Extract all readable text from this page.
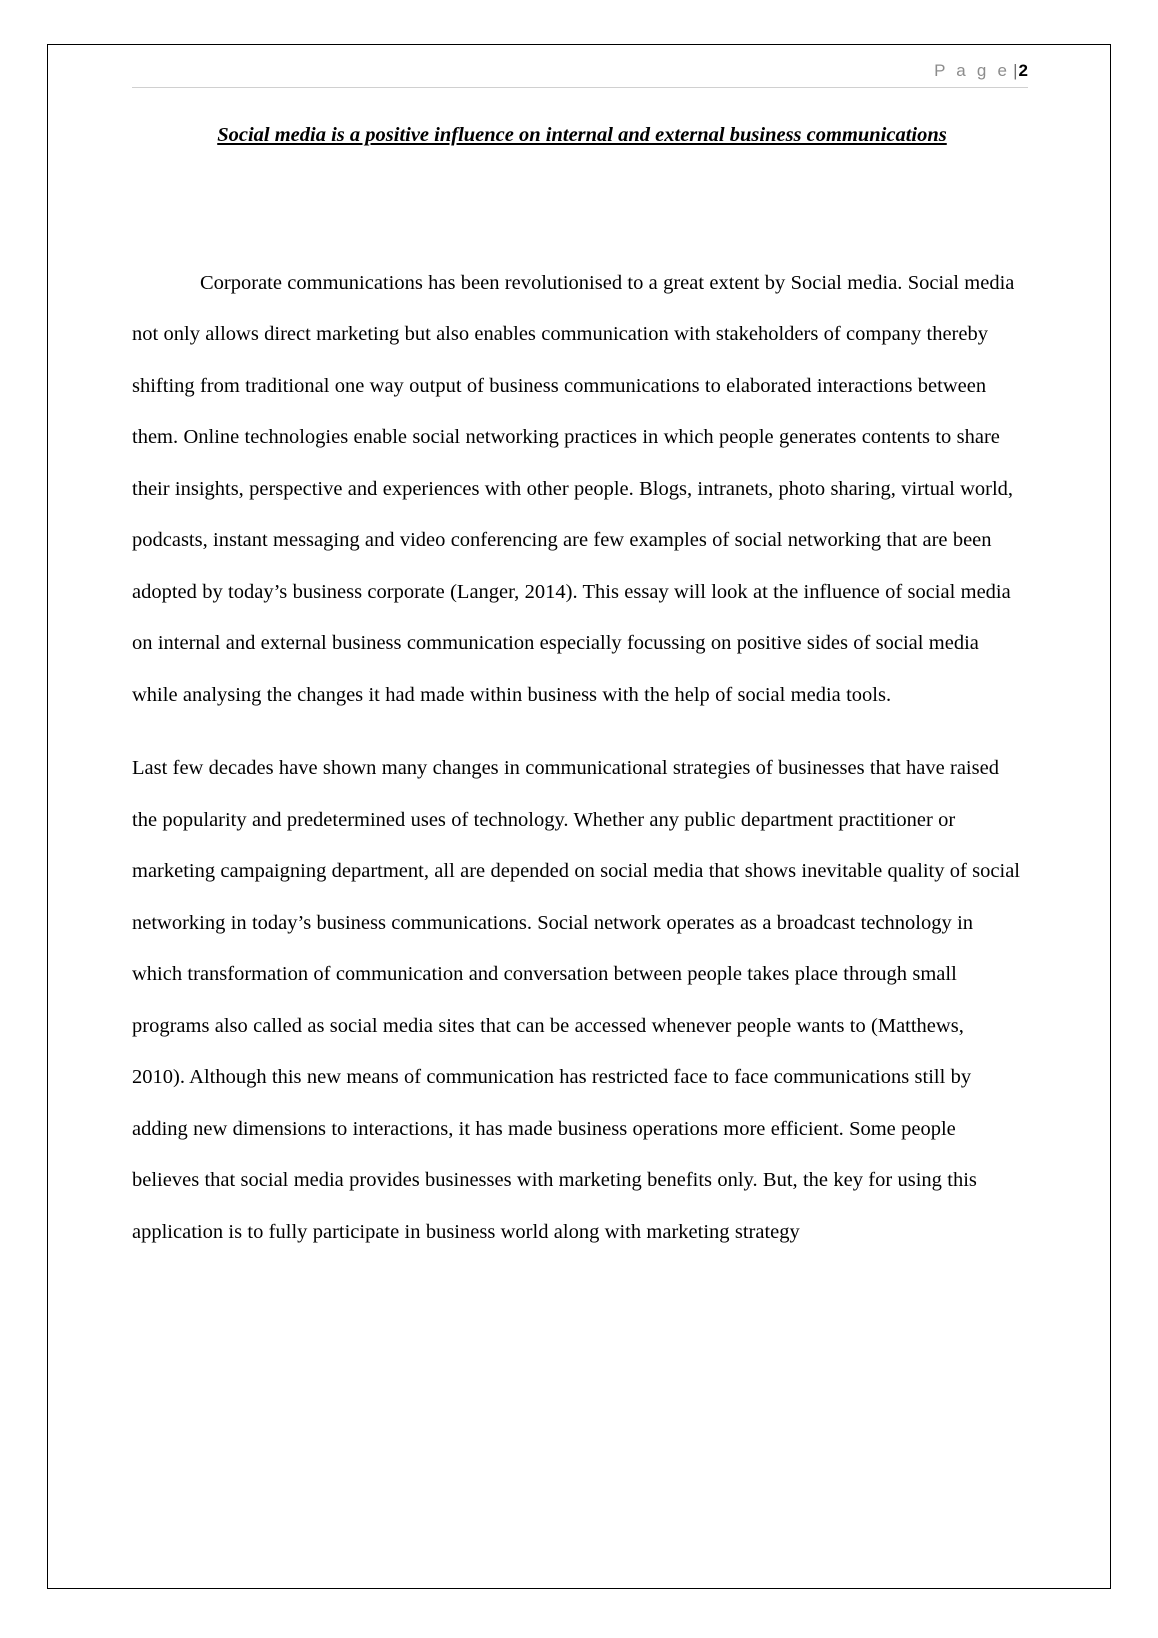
P a g e |2
Social media is a positive influence on internal and external business communications

Corporate communications has been revolutionised to a great extent by Social media. Social media not only allows direct marketing but also enables communication with stakeholders of company thereby shifting from traditional one way output of business communications to elaborated interactions between them. Online technologies enable social networking practices in which people generates contents to share their insights, perspective and experiences with other people. Blogs, intranets, photo sharing, virtual world, podcasts, instant messaging and video conferencing are few examples of social networking that are been adopted by today’s business corporate (Langer, 2014). This essay will look at the influence of social media on internal and external business communication especially focussing on positive sides of social media while analysing the changes it had made within business with the help of social media tools.

Last few decades have shown many changes in communicational strategies of businesses that have raised the popularity and predetermined uses of technology. Whether any public department practitioner or marketing campaigning department, all are depended on social media that shows inevitable quality of social networking in today’s business communications. Social network operates as a broadcast technology in which transformation of communication and conversation between people takes place through small programs also called as social media sites that can be accessed whenever people wants to (Matthews, 2010). Although this new means of communication has restricted face to face communications still by adding new dimensions to interactions, it has made business operations more efficient. Some people believes that social media provides businesses with marketing benefits only. But, the key for using this application is to fully participate in business world along with marketing strategy
